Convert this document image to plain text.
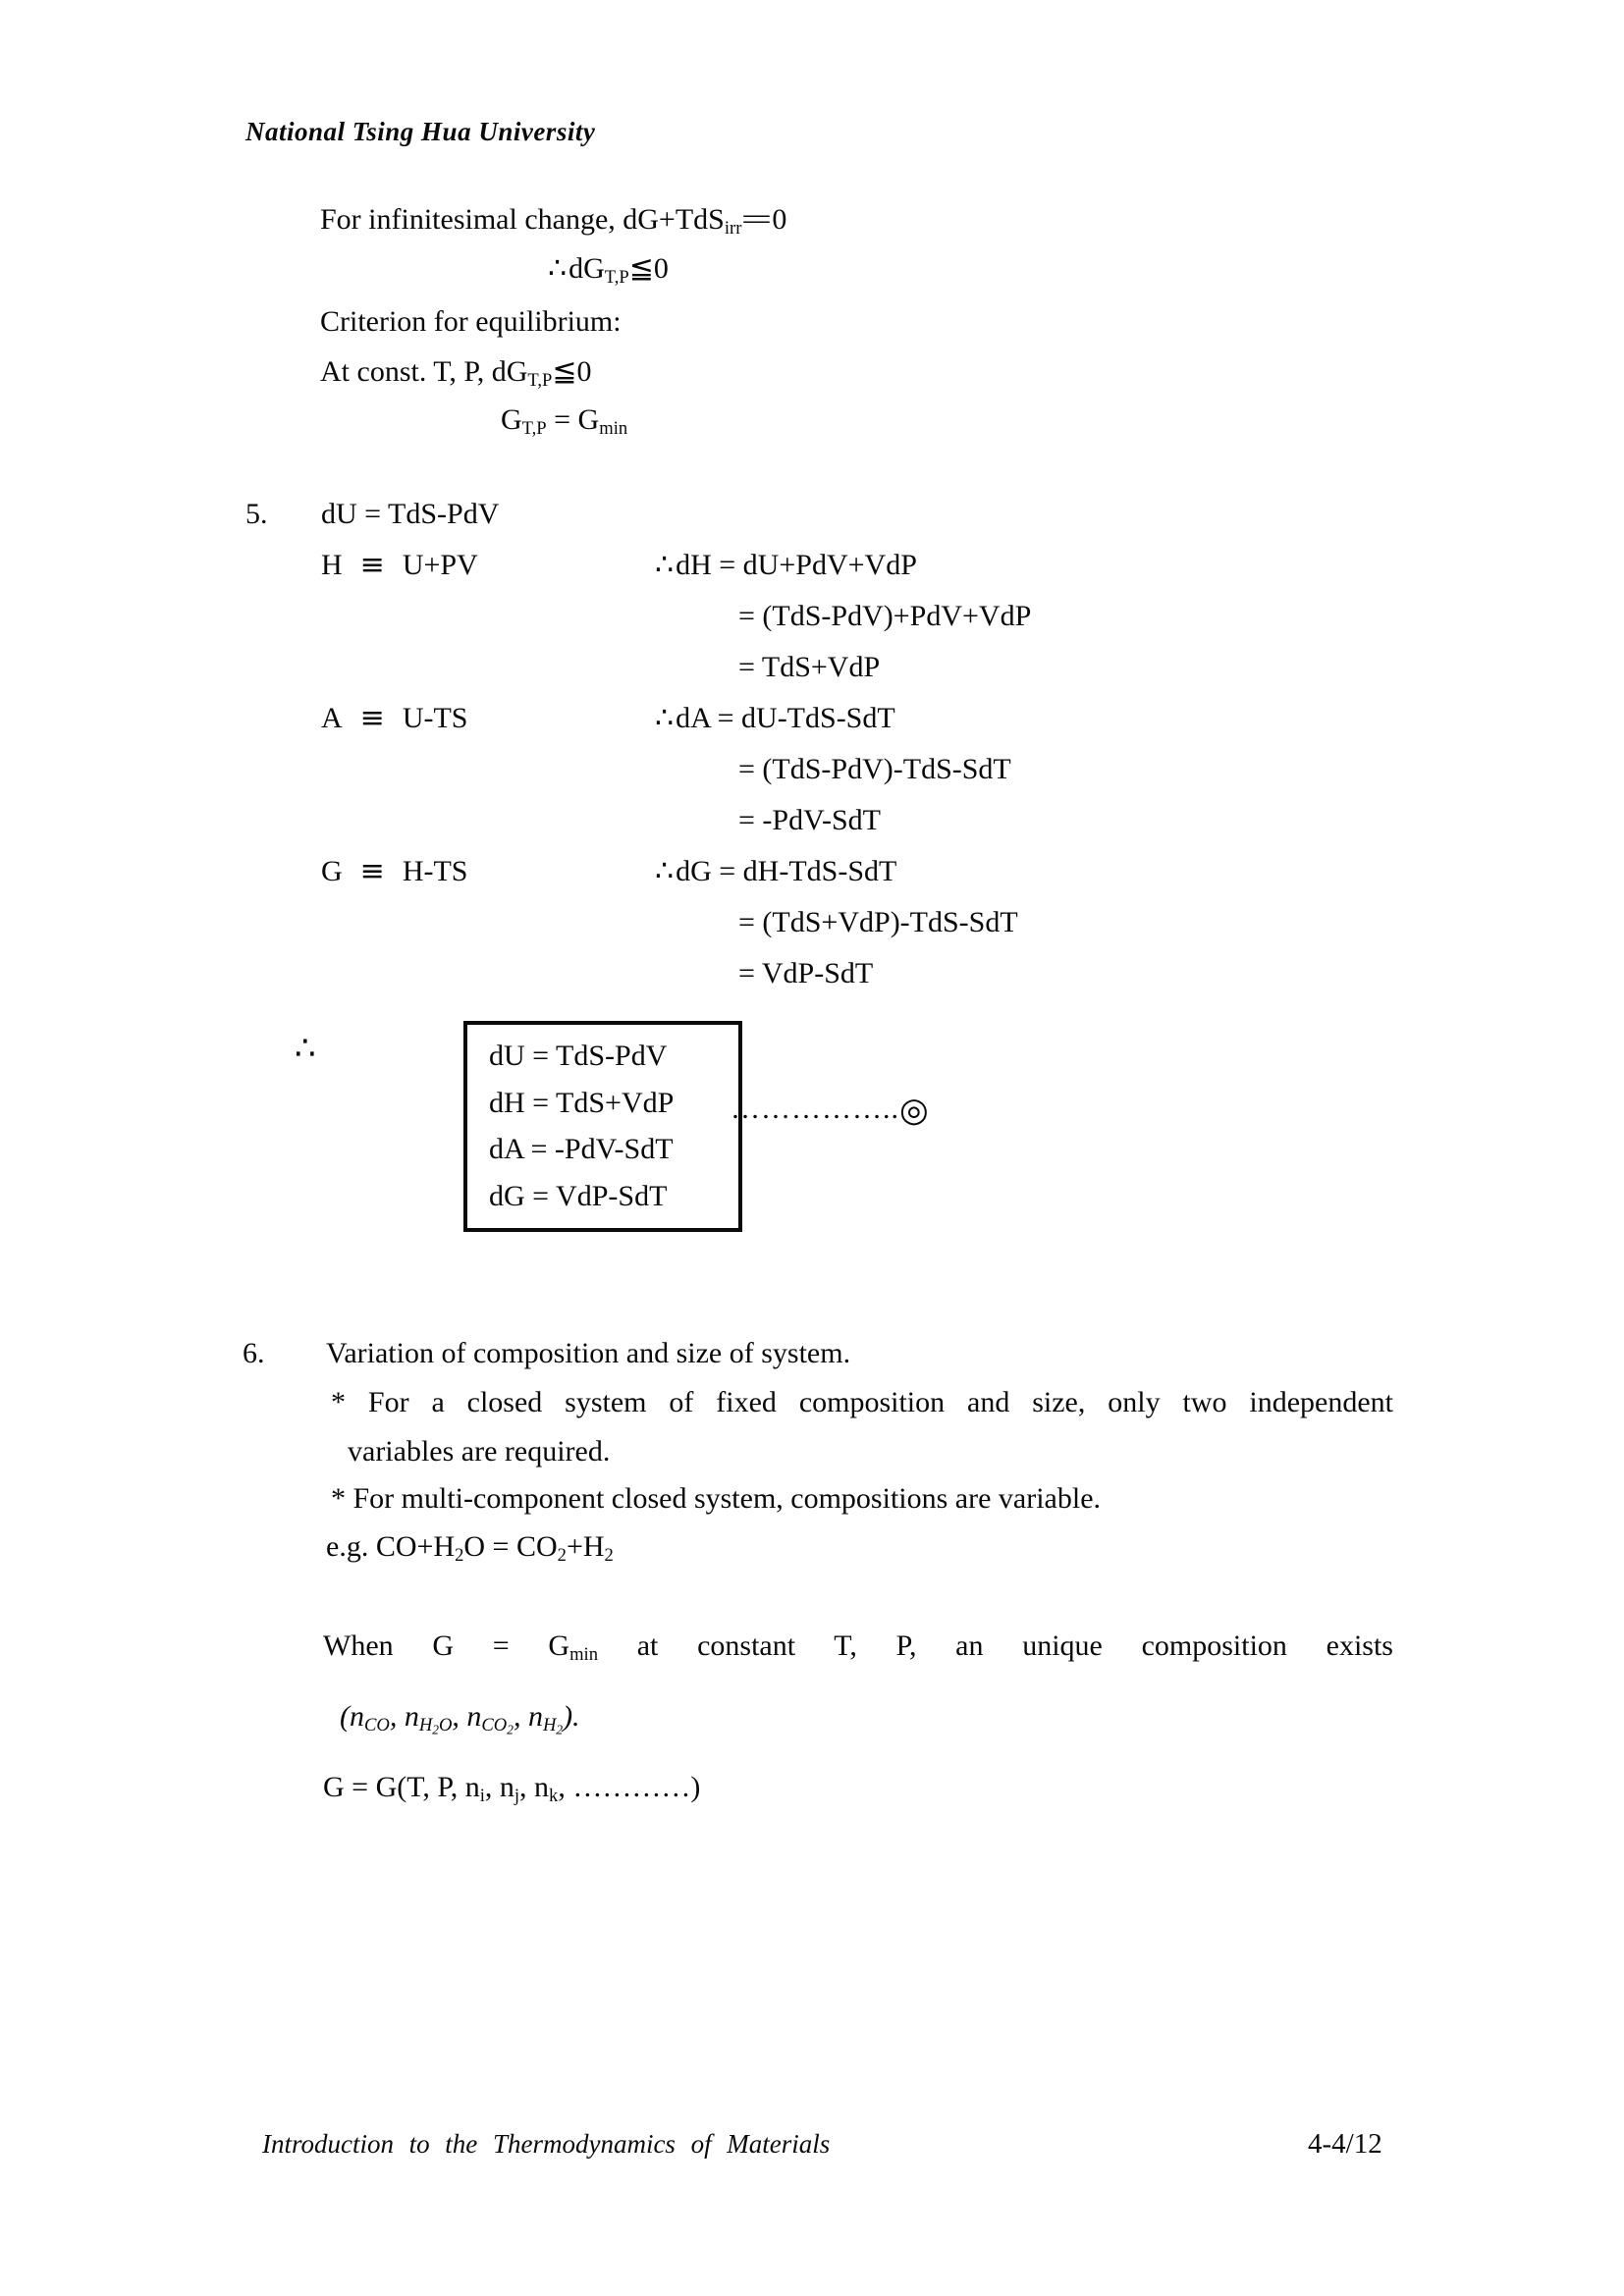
National Tsing Hua University
For infinitesimal change, dG+TdSirr=0
∴dGT,P≦0
Criterion for equilibrium:
At const. T, P, dGT,P≦0
GT,P = Gmin
5. dU = TdS-PdV
H ≡ U+PV	∴dH = dU+PdV+VdP
= (TdS-PdV)+PdV+VdP
= TdS+VdP
A ≡ U-TS	∴dA = dU-TdS-SdT
= (TdS-PdV)-TdS-SdT
= -PdV-SdT
G ≡ H-TS	∴dG = dH-TdS-SdT
= (TdS+VdP)-TdS-SdT
= VdP-SdT
∴	dU = TdS-PdV
dH = TdS+VdP
dA = -PdV-SdT
dG = VdP-SdT
……………..◎
6. Variation of composition and size of system.
* For a closed system of fixed composition and size, only two independent
variables are required.
* For multi-component closed system, compositions are variable.
e.g. CO+H2O = CO2+H2
When G = Gmin at constant T, P, an unique composition exists
(nCO, nH2O, nCO2, nH2).
G = G(T, P, ni, nj, nk, …………)
Introduction to the Thermodynamics of Materials	4-4/12
